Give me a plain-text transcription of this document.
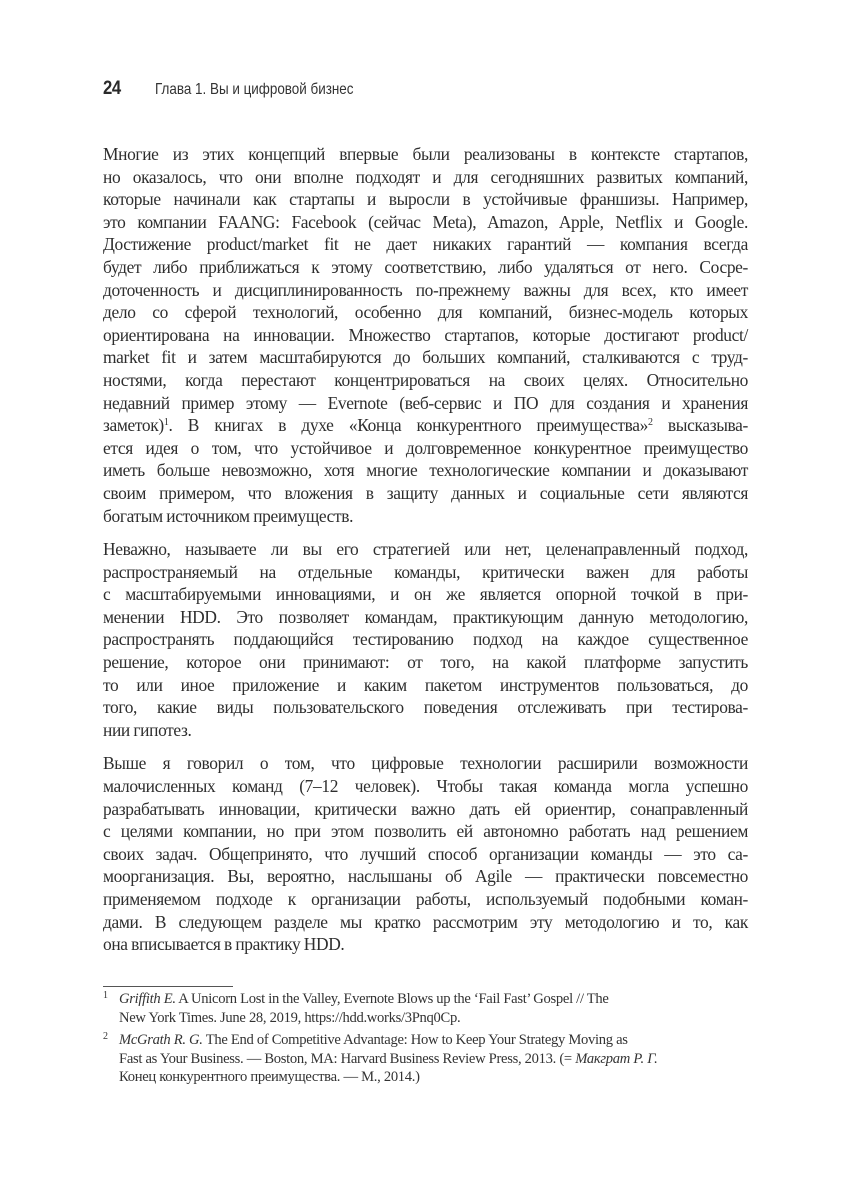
24	Глава 1. Вы и цифровой бизнес

Многие из этих концепций впервые были реализованы в контексте стартапов,
но оказалось, что они вполне подходят и для сегодняшних развитых компаний,
которые начинали как стартапы и выросли в устойчивые франшизы. Например,
это компании FAANG: Facebook (сейчас Meta), Amazon, Apple, Netflix и Google.
Достижение product/market fit не дает никаких гарантий — компания всегда
будет либо приближаться к этому соответствию, либо удаляться от него. Сосре-
доточенность и дисциплинированность по-прежнему важны для всех, кто имеет
дело со сферой технологий, особенно для компаний, бизнес-модель которых
ориентирована на инновации. Множество стартапов, которые достигают product/
market fit и затем масштабируются до больших компаний, сталкиваются с труд-
ностями, когда перестают концентрироваться на своих целях. Относительно
недавний пример этому — Evernote (веб-сервис и ПО для создания и хранения
заметок)$^1$. В книгах в духе «Конца конкурентного преимущества»$^2$ высказыва-
ется идея о том, что устойчивое и долговременное конкурентное преимущество
иметь больше невозможно, хотя многие технологические компании и доказывают
своим примером, что вложения в защиту данных и социальные сети являются
богатым источником преимуществ.

Неважно, называете ли вы его стратегией или нет, целенаправленный подход,
распространяемый на отдельные команды, критически важен для работы
с масштабируемыми инновациями, и он же является опорной точкой в при-
менении HDD. Это позволяет командам, практикующим данную методологию,
распространять поддающийся тестированию подход на каждое существенное
решение, которое они принимают: от того, на какой платформе запустить
то или иное приложение и каким пакетом инструментов пользоваться, до
того, какие виды пользовательского поведения отслеживать при тестирова-
нии гипотез.

Выше я говорил о том, что цифровые технологии расширили возможности
малочисленных команд (7–12 человек). Чтобы такая команда могла успешно
разрабатывать инновации, критически важно дать ей ориентир, сонаправленный
с целями компании, но при этом позволить ей автономно работать над решением
своих задач. Общепринято, что лучший способ организации команды — это са-
моорганизация. Вы, вероятно, наслышаны об Agile — практически повсеместно
применяемом подходе к организации работы, используемый подобными коман-
дами. В следующем разделе мы кратко рассмотрим эту методологию и то, как
она вписывается в практику HDD.

1 Griffith E. A Unicorn Lost in the Valley, Evernote Blows up the ‘Fail Fast’ Gospel // The
New York Times. June 28, 2019, https://hdd.works/3Pnq0Cp.
2 McGrath R. G. The End of Competitive Advantage: How to Keep Your Strategy Moving as
Fast as Your Business. — Boston, MA: Harvard Business Review Press, 2013. (= Макграт Р. Г.
Конец конкурентного преимущества. — М., 2014.)
